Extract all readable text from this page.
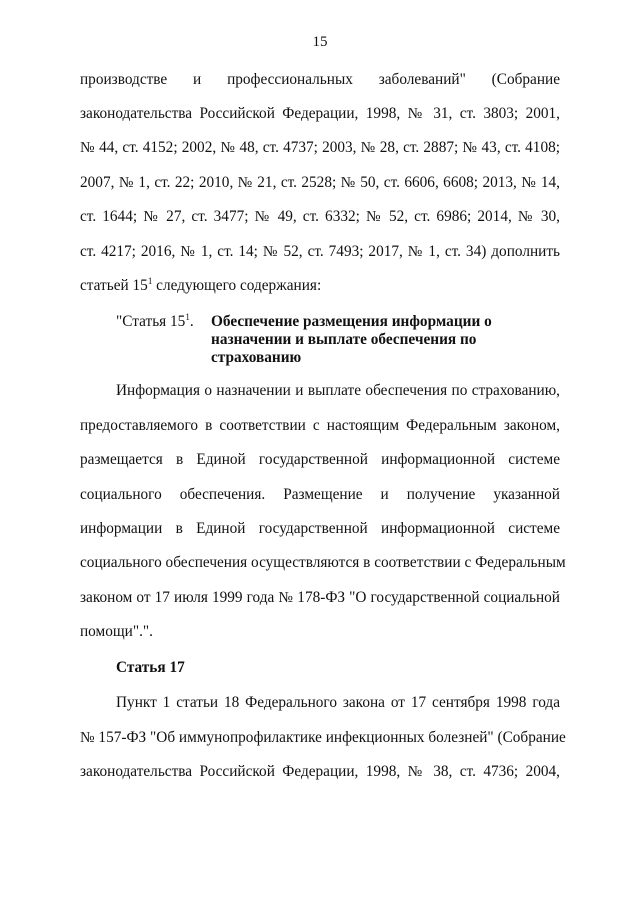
15
производстве и профессиональных заболеваний" (Собрание
законодательства Российской Федерации, 1998, № 31, ст. 3803; 2001,
№ 44, ст. 4152; 2002, № 48, ст. 4737; 2003, № 28, ст. 2887; № 43, ст. 4108;
2007, № 1, ст. 22; 2010, № 21, ст. 2528; № 50, ст. 6606, 6608; 2013, № 14,
ст. 1644; № 27, ст. 3477; № 49, ст. 6332; № 52, ст. 6986; 2014, № 30,
ст. 4217; 2016, № 1, ст. 14; № 52, ст. 7493; 2017, № 1, ст. 34) дополнить
статьей $15^1$ следующего содержания:
"Статья $15^1$. Обеспечение размещения информации о
назначении и выплате обеспечения по
страхованию
Информация о назначении и выплате обеспечения по страхованию,
предоставляемого в соответствии с настоящим Федеральным законом,
размещается в Единой государственной информационной системе
социального обеспечения. Размещение и получение указанной
информации в Единой государственной информационной системе
социального обеспечения осуществляются в соответствии с Федеральным
законом от 17 июля 1999 года № 178-ФЗ "О государственной социальной
помощи".".
Статья 17
Пункт 1 статьи 18 Федерального закона от 17 сентября 1998 года
№ 157-ФЗ "Об иммунопрофилактике инфекционных болезней" (Собрание
законодательства Российской Федерации, 1998, № 38, ст. 4736; 2004,
